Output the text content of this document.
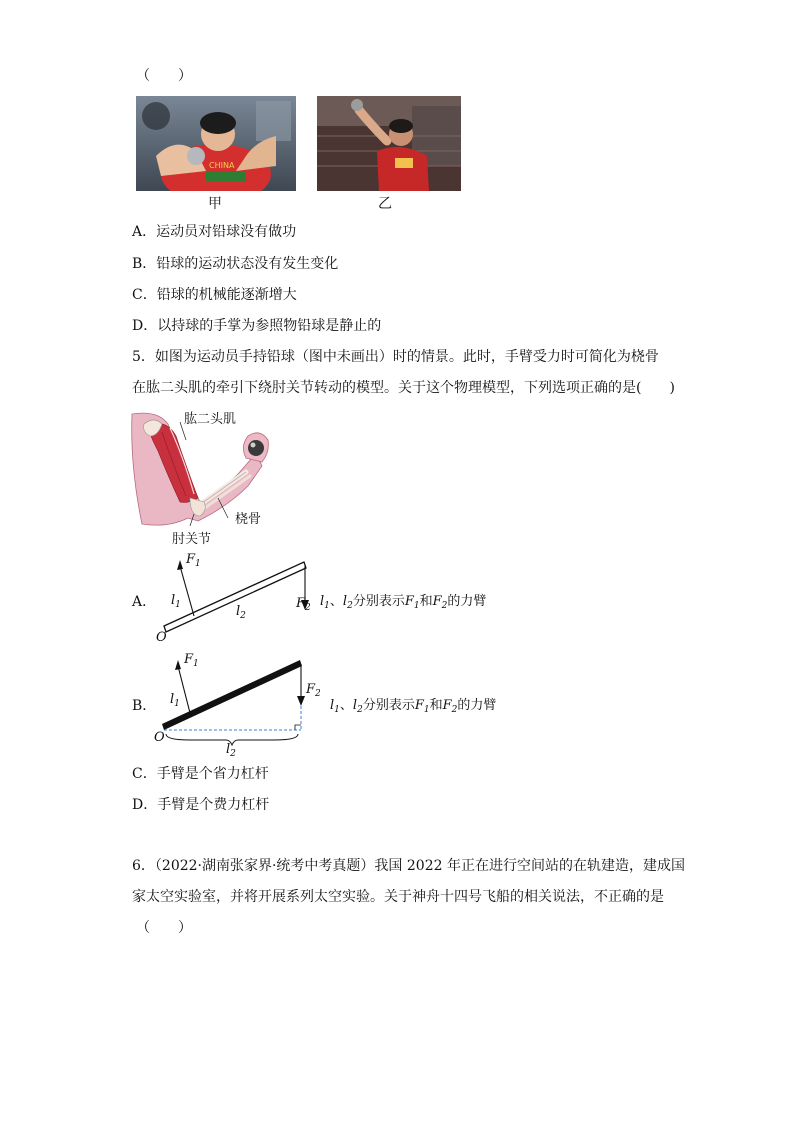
（　　）
CHINA
甲	乙
A．运动员对铅球没有做功
B．铅球的运动状态没有发生变化
C．铅球的机械能逐渐增大
D．以持球的手掌为参照物铅球是静止的
5．如图为运动员手持铅球（图中未画出）时的情景。此时，手臂受力时可简化为桡骨
在肱二头肌的牵引下绕肘关节转动的模型。关于这个物理模型，下列选项正确的是(　　)
肱二头肌
桡骨
肘关节
A．
$F_1$
$l_1$	$l_2$
$F_2$
O
$l_1$、$l_2$分别表示$F_1$和$F_2$的力臂
B．
$F_1$
$l_1$
$F_2$
O
$l_2$
$l_1$、$l_2$分别表示$F_1$和$F_2$的力臂
C．手臂是个省力杠杆
D．手臂是个费力杠杆
6．（2022·湖南张家界·统考中考真题）我国 2022 年正在进行空间站的在轨建造，建成国
家太空实验室，并将开展系列太空实验。关于神舟十四号飞船的相关说法，不正确的是
（　　）
